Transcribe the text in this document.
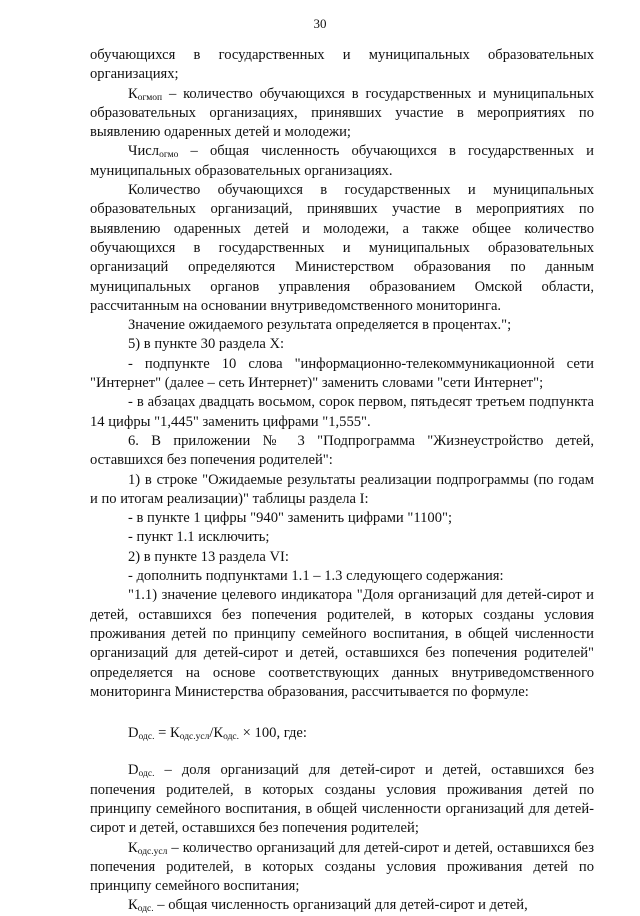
30

обучающихся в государственных и муниципальных образовательных организациях;

$К_{огмоп}$ – количество обучающихся в государственных и муниципальных образовательных организациях, принявших участие в мероприятиях по выявлению одаренных детей и молодежи;

Числ$_{огмо}$ – общая численность обучающихся в государственных и муниципальных образовательных организациях.

Количество обучающихся в государственных и муниципальных образовательных организаций, принявших участие в мероприятиях по выявлению одаренных детей и молодежи, а также общее количество обучающихся в государственных и муниципальных образовательных организаций определяются Министерством образования по данным муниципальных органов управления образованием Омской области, рассчитанным на основании внутриведомственного мониторинга.

Значение ожидаемого результата определяется в процентах.";

5) в пункте 30 раздела X:

- подпункте 10 слова "информационно-телекоммуникационной сети "Интернет" (далее – сеть Интернет)" заменить словами "сети Интернет";

- в абзацах двадцать восьмом, сорок первом, пятьдесят третьем подпункта 14 цифры "1,445" заменить цифрами "1,555".

6. В приложении № 3 "Подпрограмма "Жизнеустройство детей, оставшихся без попечения родителей":

1) в строке "Ожидаемые результаты реализации подпрограммы (по годам и по итогам реализации)" таблицы раздела I:

- в пункте 1 цифры "940" заменить цифрами "1100";

- пункт 1.1 исключить;

2) в пункте 13 раздела VI:

- дополнить подпунктами 1.1 – 1.3 следующего содержания:

"1.1) значение целевого индикатора "Доля организаций для детей-сирот и детей, оставшихся без попечения родителей, в которых созданы условия проживания детей по принципу семейного воспитания, в общей численности организаций для детей-сирот и детей, оставшихся без попечения родителей" определяется на основе соответствующих данных внутриведомственного мониторинга Министерства образования, рассчитывается по формуле:

$D_{одс.} = К_{одс.усл}/К_{одс.} \times 100$, где:

$D_{одс.}$ – доля организаций для детей-сирот и детей, оставшихся без попечения родителей, в которых созданы условия проживания детей по принципу семейного воспитания, в общей численности организаций для детей-сирот и детей, оставшихся без попечения родителей;

$К_{одс.усл}$ – количество организаций для детей-сирот и детей, оставшихся без попечения родителей, в которых созданы условия проживания детей по принципу семейного воспитания;

$К_{одс.}$ – общая численность организаций для детей-сирот и детей,
